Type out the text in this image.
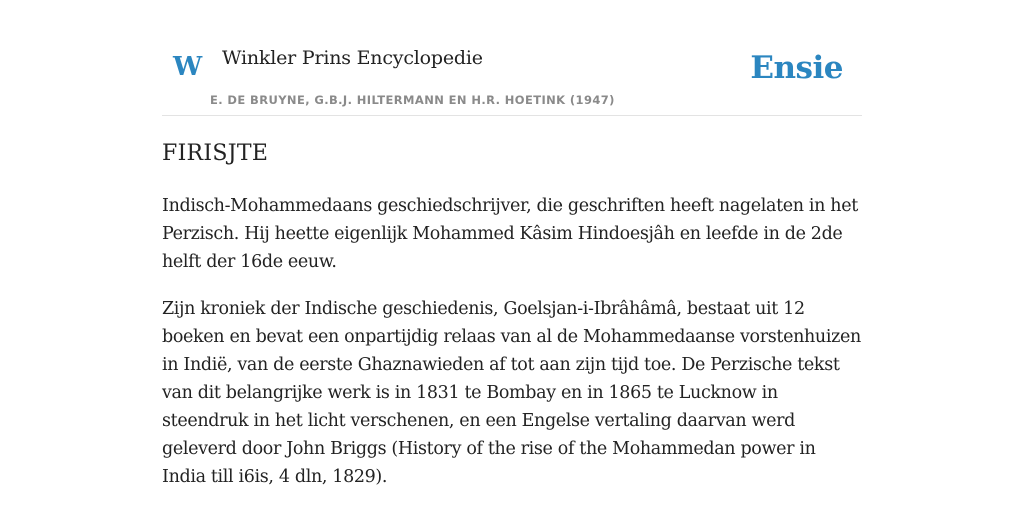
W Winkler Prins Encyclopedie
E. DE BRUYNE, G.B.J. HILTERMANN EN H.R. HOETINK (1947)
Ensie
FIRISJTE

Indisch-Mohammedaans geschiedschrijver, die geschriften heeft nagelaten in het Perzisch. Hij heette eigenlijk Mohammed Kâsim Hindoesjâh en leefde in de 2de helft der 16de eeuw.

Zijn kroniek der Indische geschiedenis, Goelsjan-i-Ibrâhâmâ, bestaat uit 12 boeken en bevat een onpartijdig relaas van al de Mohammedaanse vorstenhuizen in Indië, van de eerste Ghaznawieden af tot aan zijn tijd toe. De Perzische tekst van dit belangrijke werk is in 1831 te Bombay en in 1865 te Lucknow in steendruk in het licht verschenen, en een Engelse vertaling daarvan werd geleverd door John Briggs (History of the rise of the Mohammedan power in India till i6is, 4 dln, 1829).
